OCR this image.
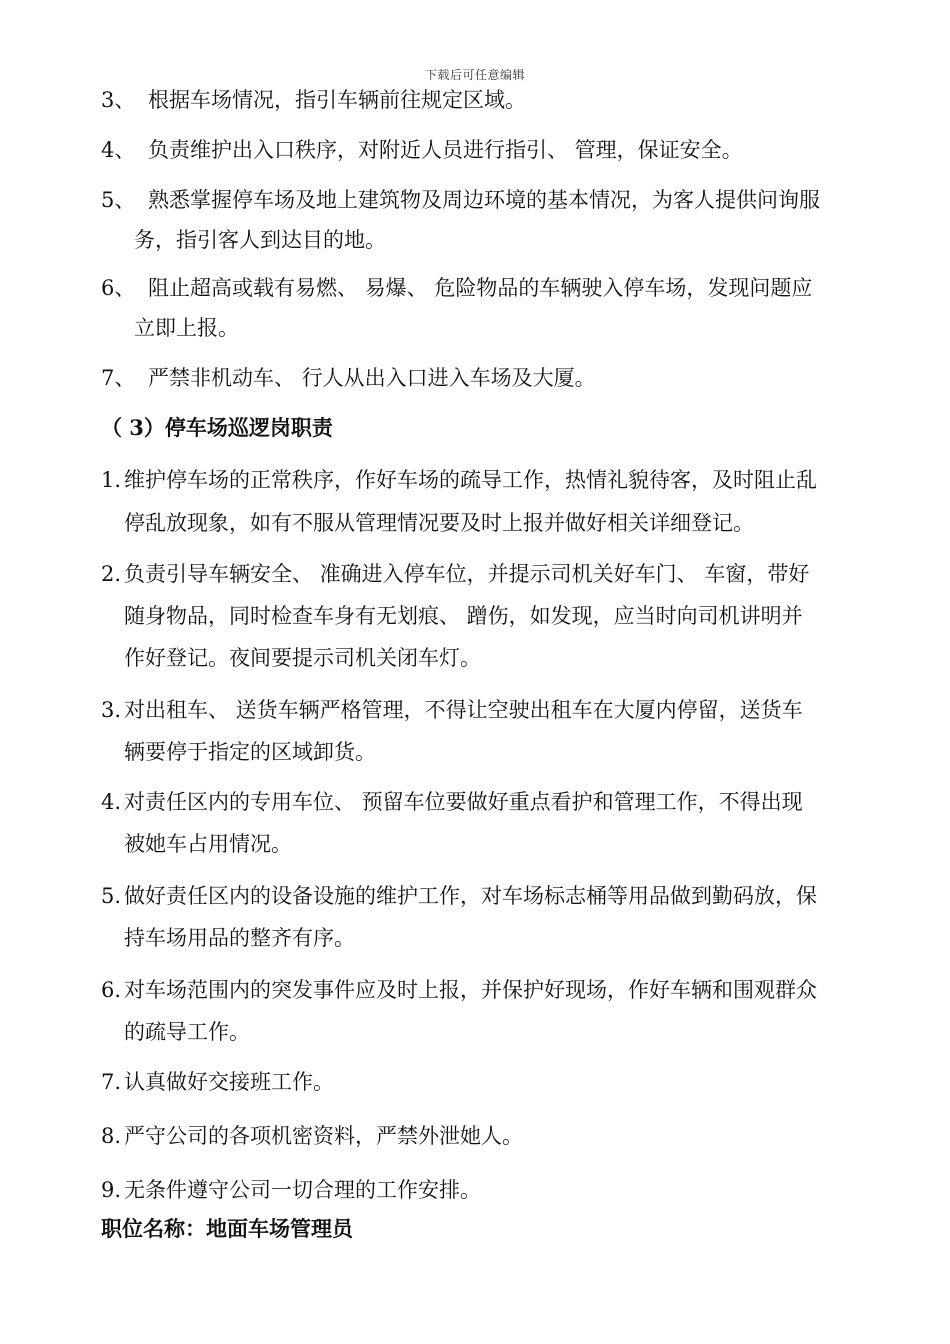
下载后可任意编辑
3、 根据车场情况，指引车辆前往规定区域。
4、 负责维护出入口秩序，对附近人员进行指引、 管理，保证安全。
5、 熟悉掌握停车场及地上建筑物及周边环境的基本情况，为客人提供问询服
务，指引客人到达目的地。
6、 阻止超高或载有易燃、 易爆、 危险物品的车辆驶入停车场，发现问题应
立即上报。
7、 严禁非机动车、 行人从出入口进入车场及大厦。
（ 3）停车场巡逻岗职责
1. 维护停车场的正常秩序，作好车场的疏导工作，热情礼貌待客，及时阻止乱
停乱放现象，如有不服从管理情况要及时上报并做好相关详细登记。
2. 负责引导车辆安全、 准确进入停车位，并提示司机关好车门、 车窗，带好
随身物品，同时检查车身有无划痕、 蹭伤，如发现，应当时向司机讲明并
作好登记。夜间要提示司机关闭车灯。
3. 对出租车、 送货车辆严格管理，不得让空驶出租车在大厦内停留，送货车
辆要停于指定的区域卸货。
4. 对责任区内的专用车位、 预留车位要做好重点看护和管理工作，不得出现
被她车占用情况。
5. 做好责任区内的设备设施的维护工作，对车场标志桶等用品做到勤码放，保
持车场用品的整齐有序。
6. 对车场范围内的突发事件应及时上报，并保护好现场，作好车辆和围观群众
的疏导工作。
7. 认真做好交接班工作。
8. 严守公司的各项机密资料，严禁外泄她人。
9. 无条件遵守公司一切合理的工作安排。
职位名称：地面车场管理员
